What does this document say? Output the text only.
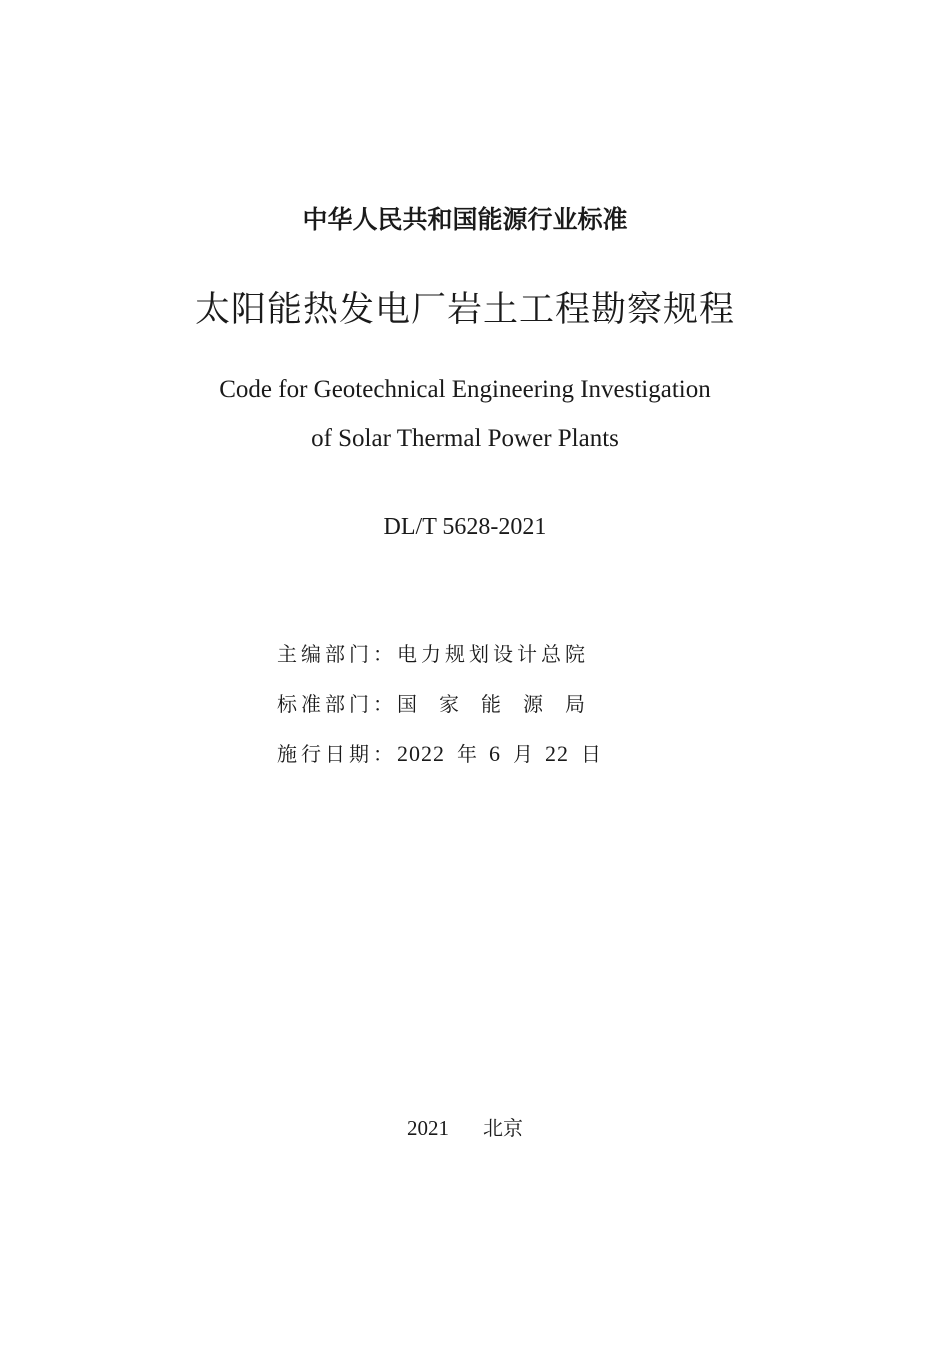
中华人民共和国能源行业标准
太阳能热发电厂岩土工程勘察规程
Code for Geotechnical Engineering Investigation
of Solar Thermal Power Plants
DL/T 5628-2021
主编部门： 电力规划设计总院
标准部门： 国家能源局
施行日期： 2022 年 6 月 22 日
2021 北京
